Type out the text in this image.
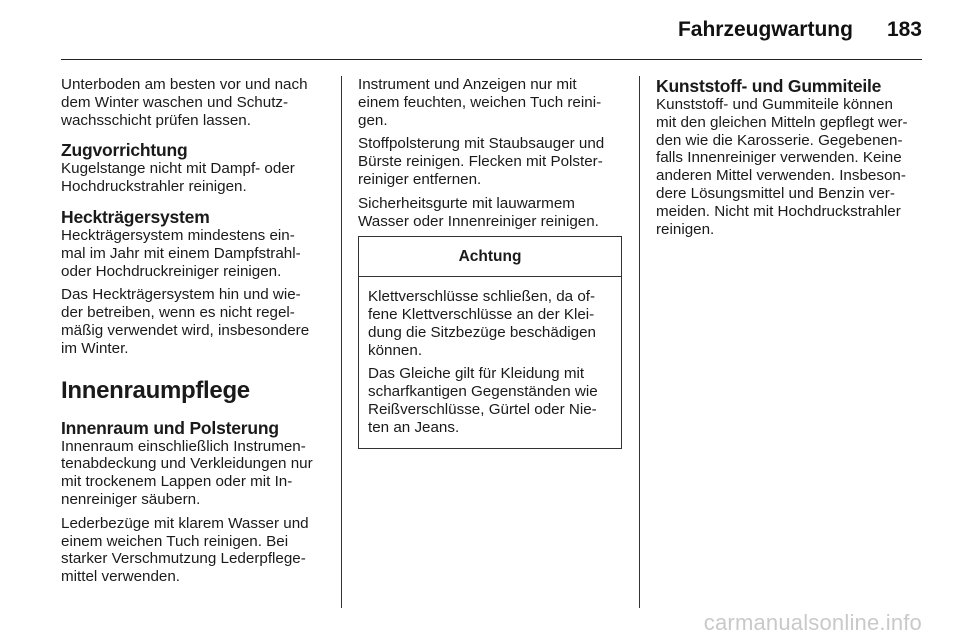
Fahrzeugwartung 183

Unterboden am besten vor und nach
dem Winter waschen und Schutz-
wachsschicht prüfen lassen.

Zugvorrichtung

Kugelstange nicht mit Dampf- oder
Hochdruckstrahler reinigen.

Heckträgersystem

Heckträgersystem mindestens ein-
mal im Jahr mit einem Dampfstrahl-
oder Hochdruckreiniger reinigen.

Das Heckträgersystem hin und wie-
der betreiben, wenn es nicht regel-
mäßig verwendet wird, insbesondere
im Winter.

Innenraumpflege
Innenraum und Polsterung

Innenraum einschließlich Instrumen-
tenabdeckung und Verkleidungen nur
mit trockenem Lappen oder mit In-
nenreiniger säubern.

Lederbezüge mit klarem Wasser und
einem weichen Tuch reinigen. Bei
starker Verschmutzung Lederpflege-
mittel verwenden.

Instrument und Anzeigen nur mit
einem feuchten, weichen Tuch reini-
gen.

Stoffpolsterung mit Staubsauger und
Bürste reinigen. Flecken mit Polster-
reiniger entfernen.

Sicherheitsgurte mit lauwarmem
Wasser oder Innenreiniger reinigen.

Achtung

Klettverschlüsse schließen, da of-
fene Klettverschlüsse an der Klei-
dung die Sitzbezüge beschädigen
können.

Das Gleiche gilt für Kleidung mit
scharfkantigen Gegenständen wie
Reißverschlüsse, Gürtel oder Nie-
ten an Jeans.

Kunststoff- und Gummiteile

Kunststoff- und Gummiteile können
mit den gleichen Mitteln gepflegt wer-
den wie die Karosserie. Gegebenen-
falls Innenreiniger verwenden. Keine
anderen Mittel verwenden. Insbeson-
dere Lösungsmittel und Benzin ver-
meiden. Nicht mit Hochdruckstrahler
reinigen.

carmanualsonline.info
